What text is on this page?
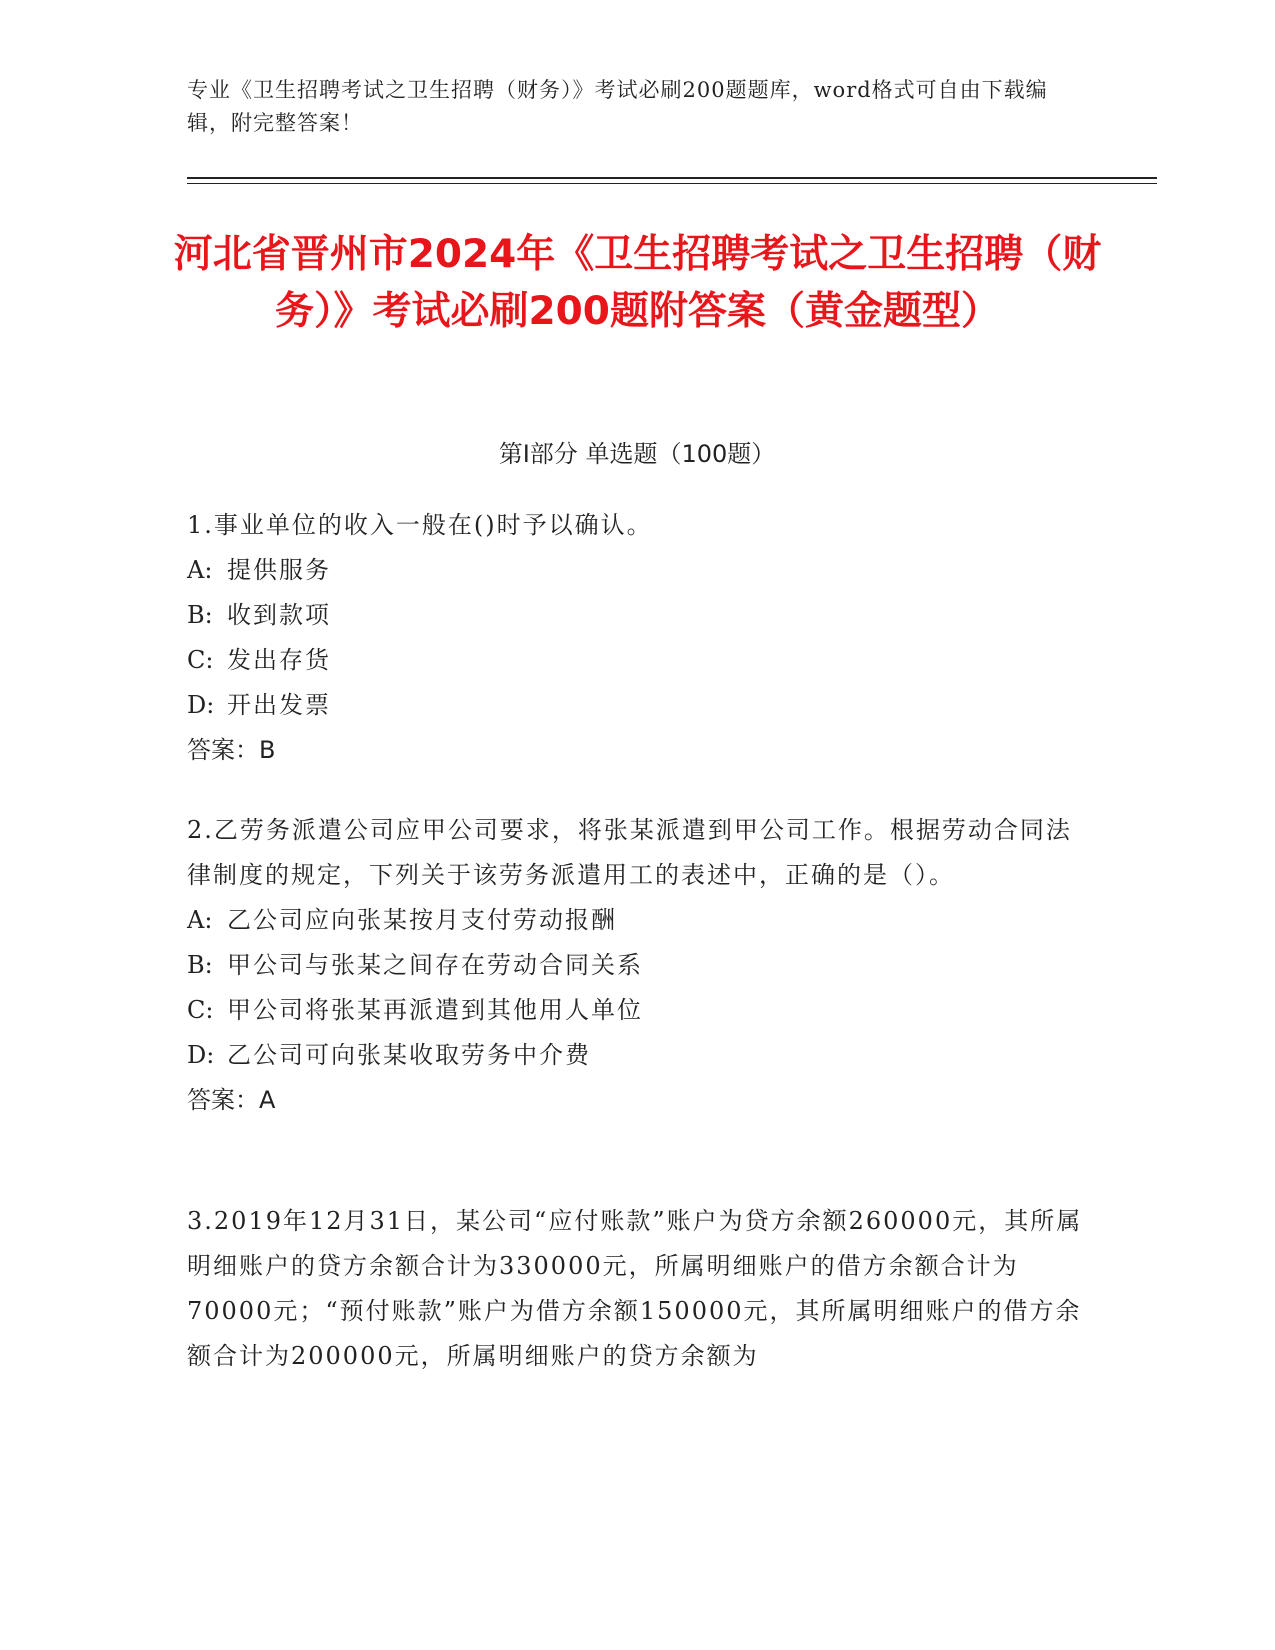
专业《卫生招聘考试之卫生招聘（财务）》考试必刷200题题库，word格式可自由下载编辑，附完整答案！
河北省晋州市2024年《卫生招聘考试之卫生招聘（财务）》考试必刷200题附答案（黄金题型）
第Ⅰ部分 单选题（100题）

1.事业单位的收入一般在()时予以确认。

A: 提供服务

B: 收到款项

C: 发出存货

D: 开出发票

答案：B

2.乙劳务派遣公司应甲公司要求，将张某派遣到甲公司工作。根据劳动合同法律制度的规定，下列关于该劳务派遣用工的表述中，正确的是（）。

A: 乙公司应向张某按月支付劳动报酬

B: 甲公司与张某之间存在劳动合同关系

C: 甲公司将张某再派遣到其他用人单位

D: 乙公司可向张某收取劳务中介费

答案：A

3.2019年12月31日，某公司“应付账款”账户为贷方余额260000元，其所属明细账户的贷方余额合计为330000元，所属明细账户的借方余额合计为70000元；“预付账款”账户为借方余额150000元，其所属明细账户的借方余额合计为200000元，所属明细账户的贷方余额为
